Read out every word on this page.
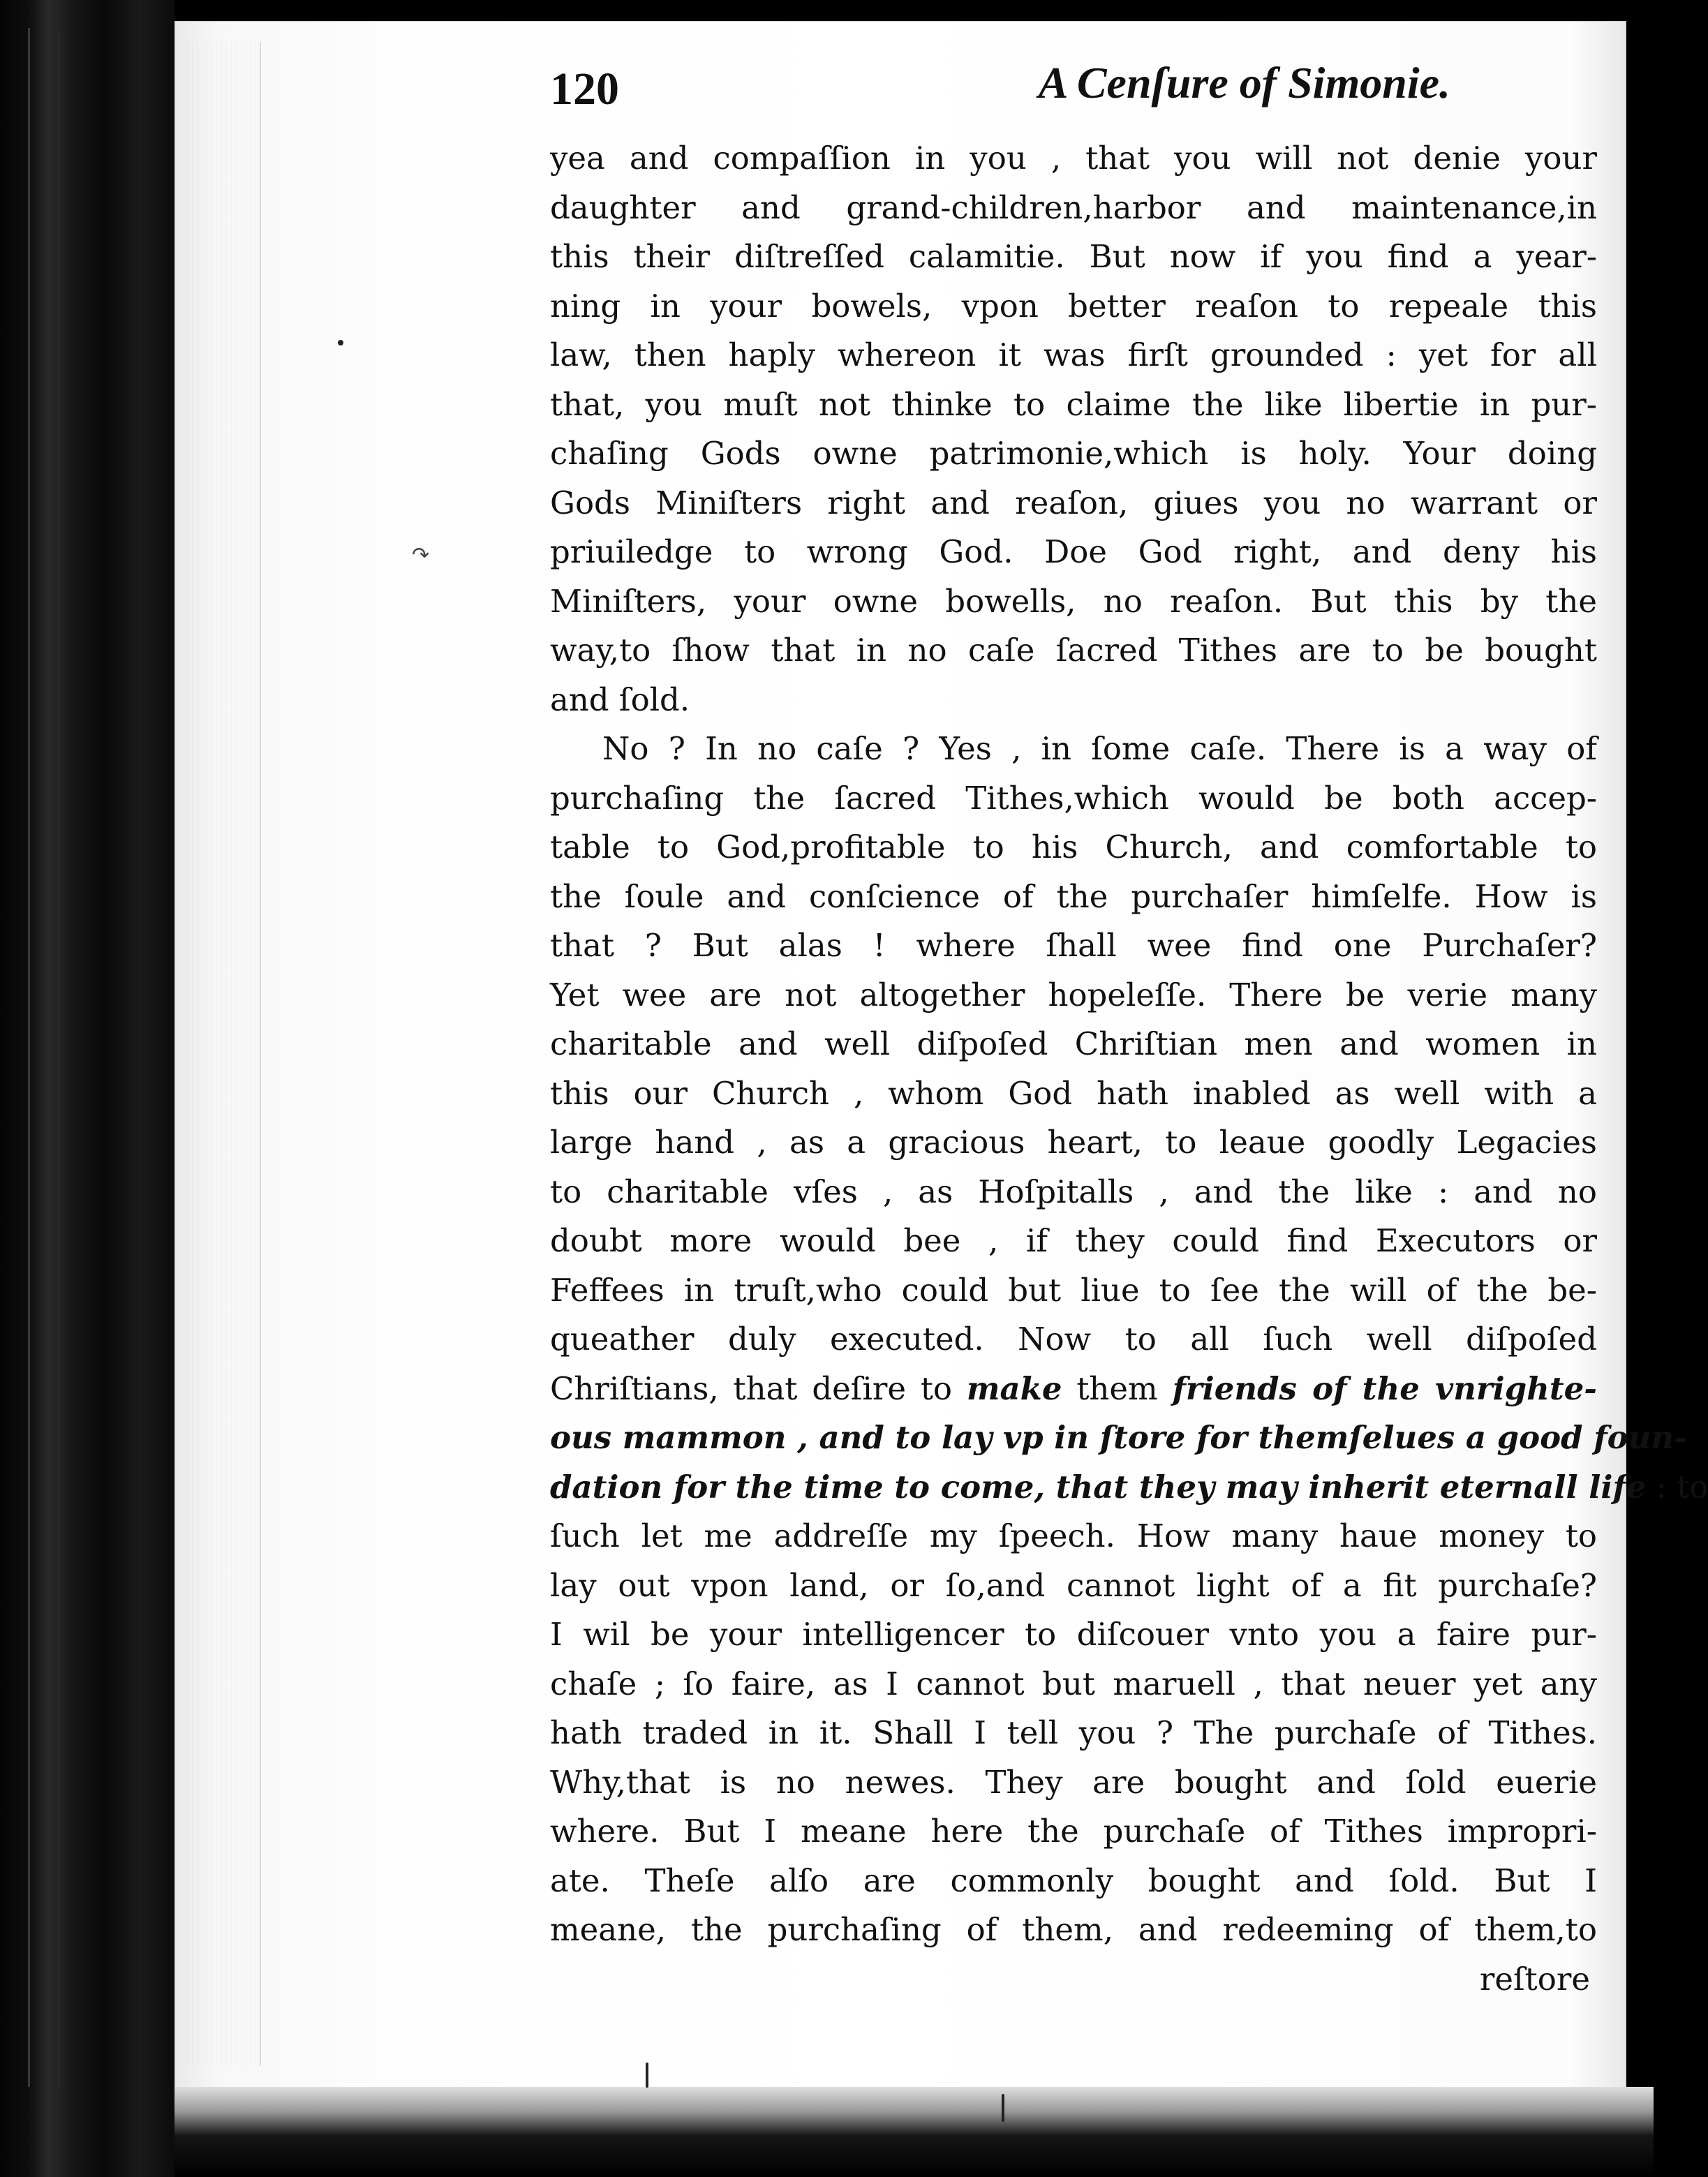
↷
120	A Cenſure of Simonie.
yea and compaſſion in you , that you will not denie your
daughter and grand-children,harbor and maintenance,in
this their diſtreſſed calamitie. But now if you find a year-
ning in your bowels, vpon better reaſon to repeale this
law, then haply whereon it was firſt grounded : yet for all
that, you muſt not thinke to claime the like libertie in pur-
chaſing Gods owne patrimonie,which is holy. Your doing
Gods Miniſters right and reaſon, giues you no warrant or
priuiledge to wrong God. Doe God right, and deny his
Miniſters, your owne bowells, no reaſon. But this by the
way,to ſhow that in no caſe ſacred Tithes are to be bought
and ſold.
No ? In no caſe ? Yes , in ſome caſe. There is a way of
purchaſing the ſacred Tithes,which would be both accep-
table to God,profitable to his Church, and comfortable to
the ſoule and conſcience of the purchaſer himſelfe. How is
that ? But alas ! where ſhall wee find one Purchaſer?
Yet wee are not altogether hopeleſſe. There be verie many
charitable and well diſpoſed Chriſtian men and women in
this our Church , whom God hath inabled as well with a
large hand , as a gracious heart, to leaue goodly Legacies
to charitable vſes , as Hoſpitalls , and the like : and no
doubt more would bee , if they could find Executors or
Feffees in truſt,who could but liue to ſee the will of the be-
queather duly executed. Now to all ſuch well diſpoſed
Chriſtians, that deſire to make them friends of the vnrighte-
ous mammon , and to lay vp in ſtore for themſelues a good foun-
dation for the time to come, that they may inherit eternall life : to
ſuch let me addreſſe my ſpeech. How many haue money to
lay out vpon land, or ſo,and cannot light of a fit purchaſe?
I wil be your intelligencer to diſcouer vnto you a faire pur-
chaſe ; ſo faire, as I cannot but maruell , that neuer yet any
hath traded in it. Shall I tell you ? The purchaſe of Tithes.
Why,that is no newes. They are bought and ſold euerie
where. But I meane here the purchaſe of Tithes impropri-
ate. Theſe alſo are commonly bought and ſold. But I
meane, the purchaſing of them, and redeeming of them,to
reſtore
